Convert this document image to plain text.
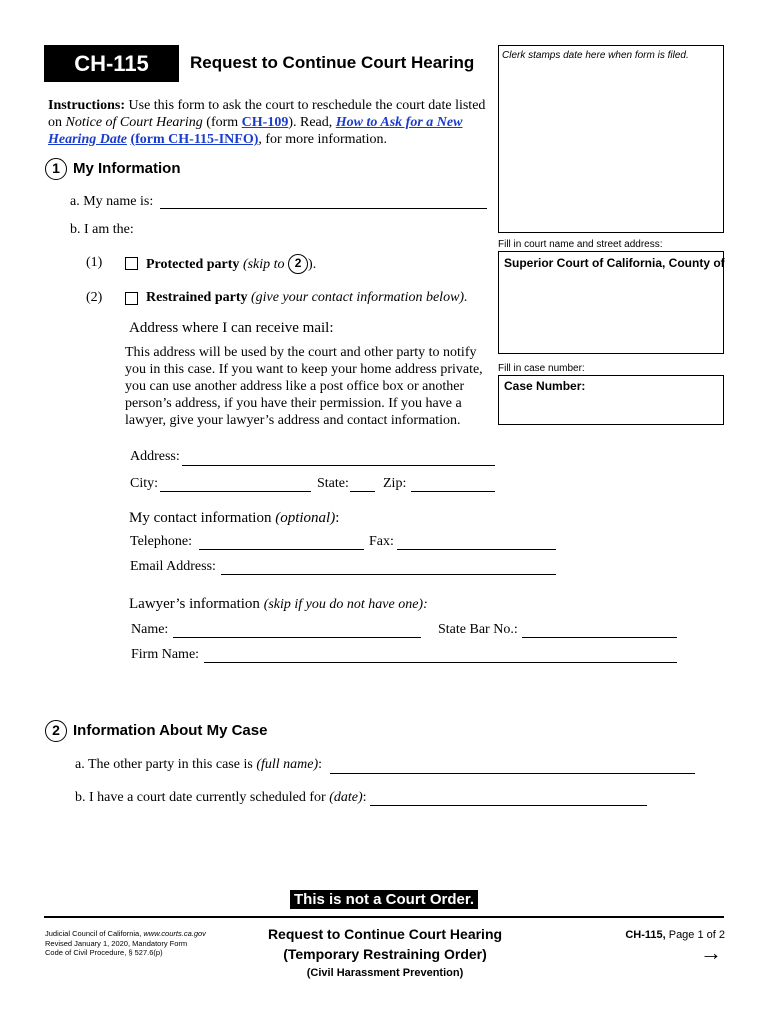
CH-115	Request to Continue Court Hearing	Clerk stamps date here when form is filed.
Instructions: Use this form to ask the court to reschedule the court date listed on Notice of Court Hearing (form CH-109). Read, How to Ask for a New Hearing Date (form CH-115-INFO), for more information.
Fill in court name and street address:
Superior Court of California, County of
Fill in case number:
Case Number:
1 My Information
a. My name is:
b. I am the:
(1)	Protected party (skip to 2 ).
(2)	Restrained party (give your contact information below).
Address where I can receive mail:
This address will be used by the court and other party to notify you in this case. If you want to keep your home address private, you can use another address like a post office box or another person’s address, if you have their permission. If you have a lawyer, give your lawyer’s address and contact information.
Address:
City:	State: Zip:
My contact information (optional):
Telephone:	Fax:
Email Address:
Lawyer’s information (skip if you do not have one):
Name:	State Bar No.:
Firm Name:
2 Information About My Case
a. The other party in this case is (full name):
b. I have a court date currently scheduled for (date):
This is not a Court Order.
Judicial Council of California, www.courts.ca.gov
Revised January 1, 2020, Mandatory Form
Code of Civil Procedure, § 527.6(p)
Request to Continue Court Hearing
(Temporary Restraining Order)
(Civil Harassment Prevention)
CH-115, Page 1 of 2
→
